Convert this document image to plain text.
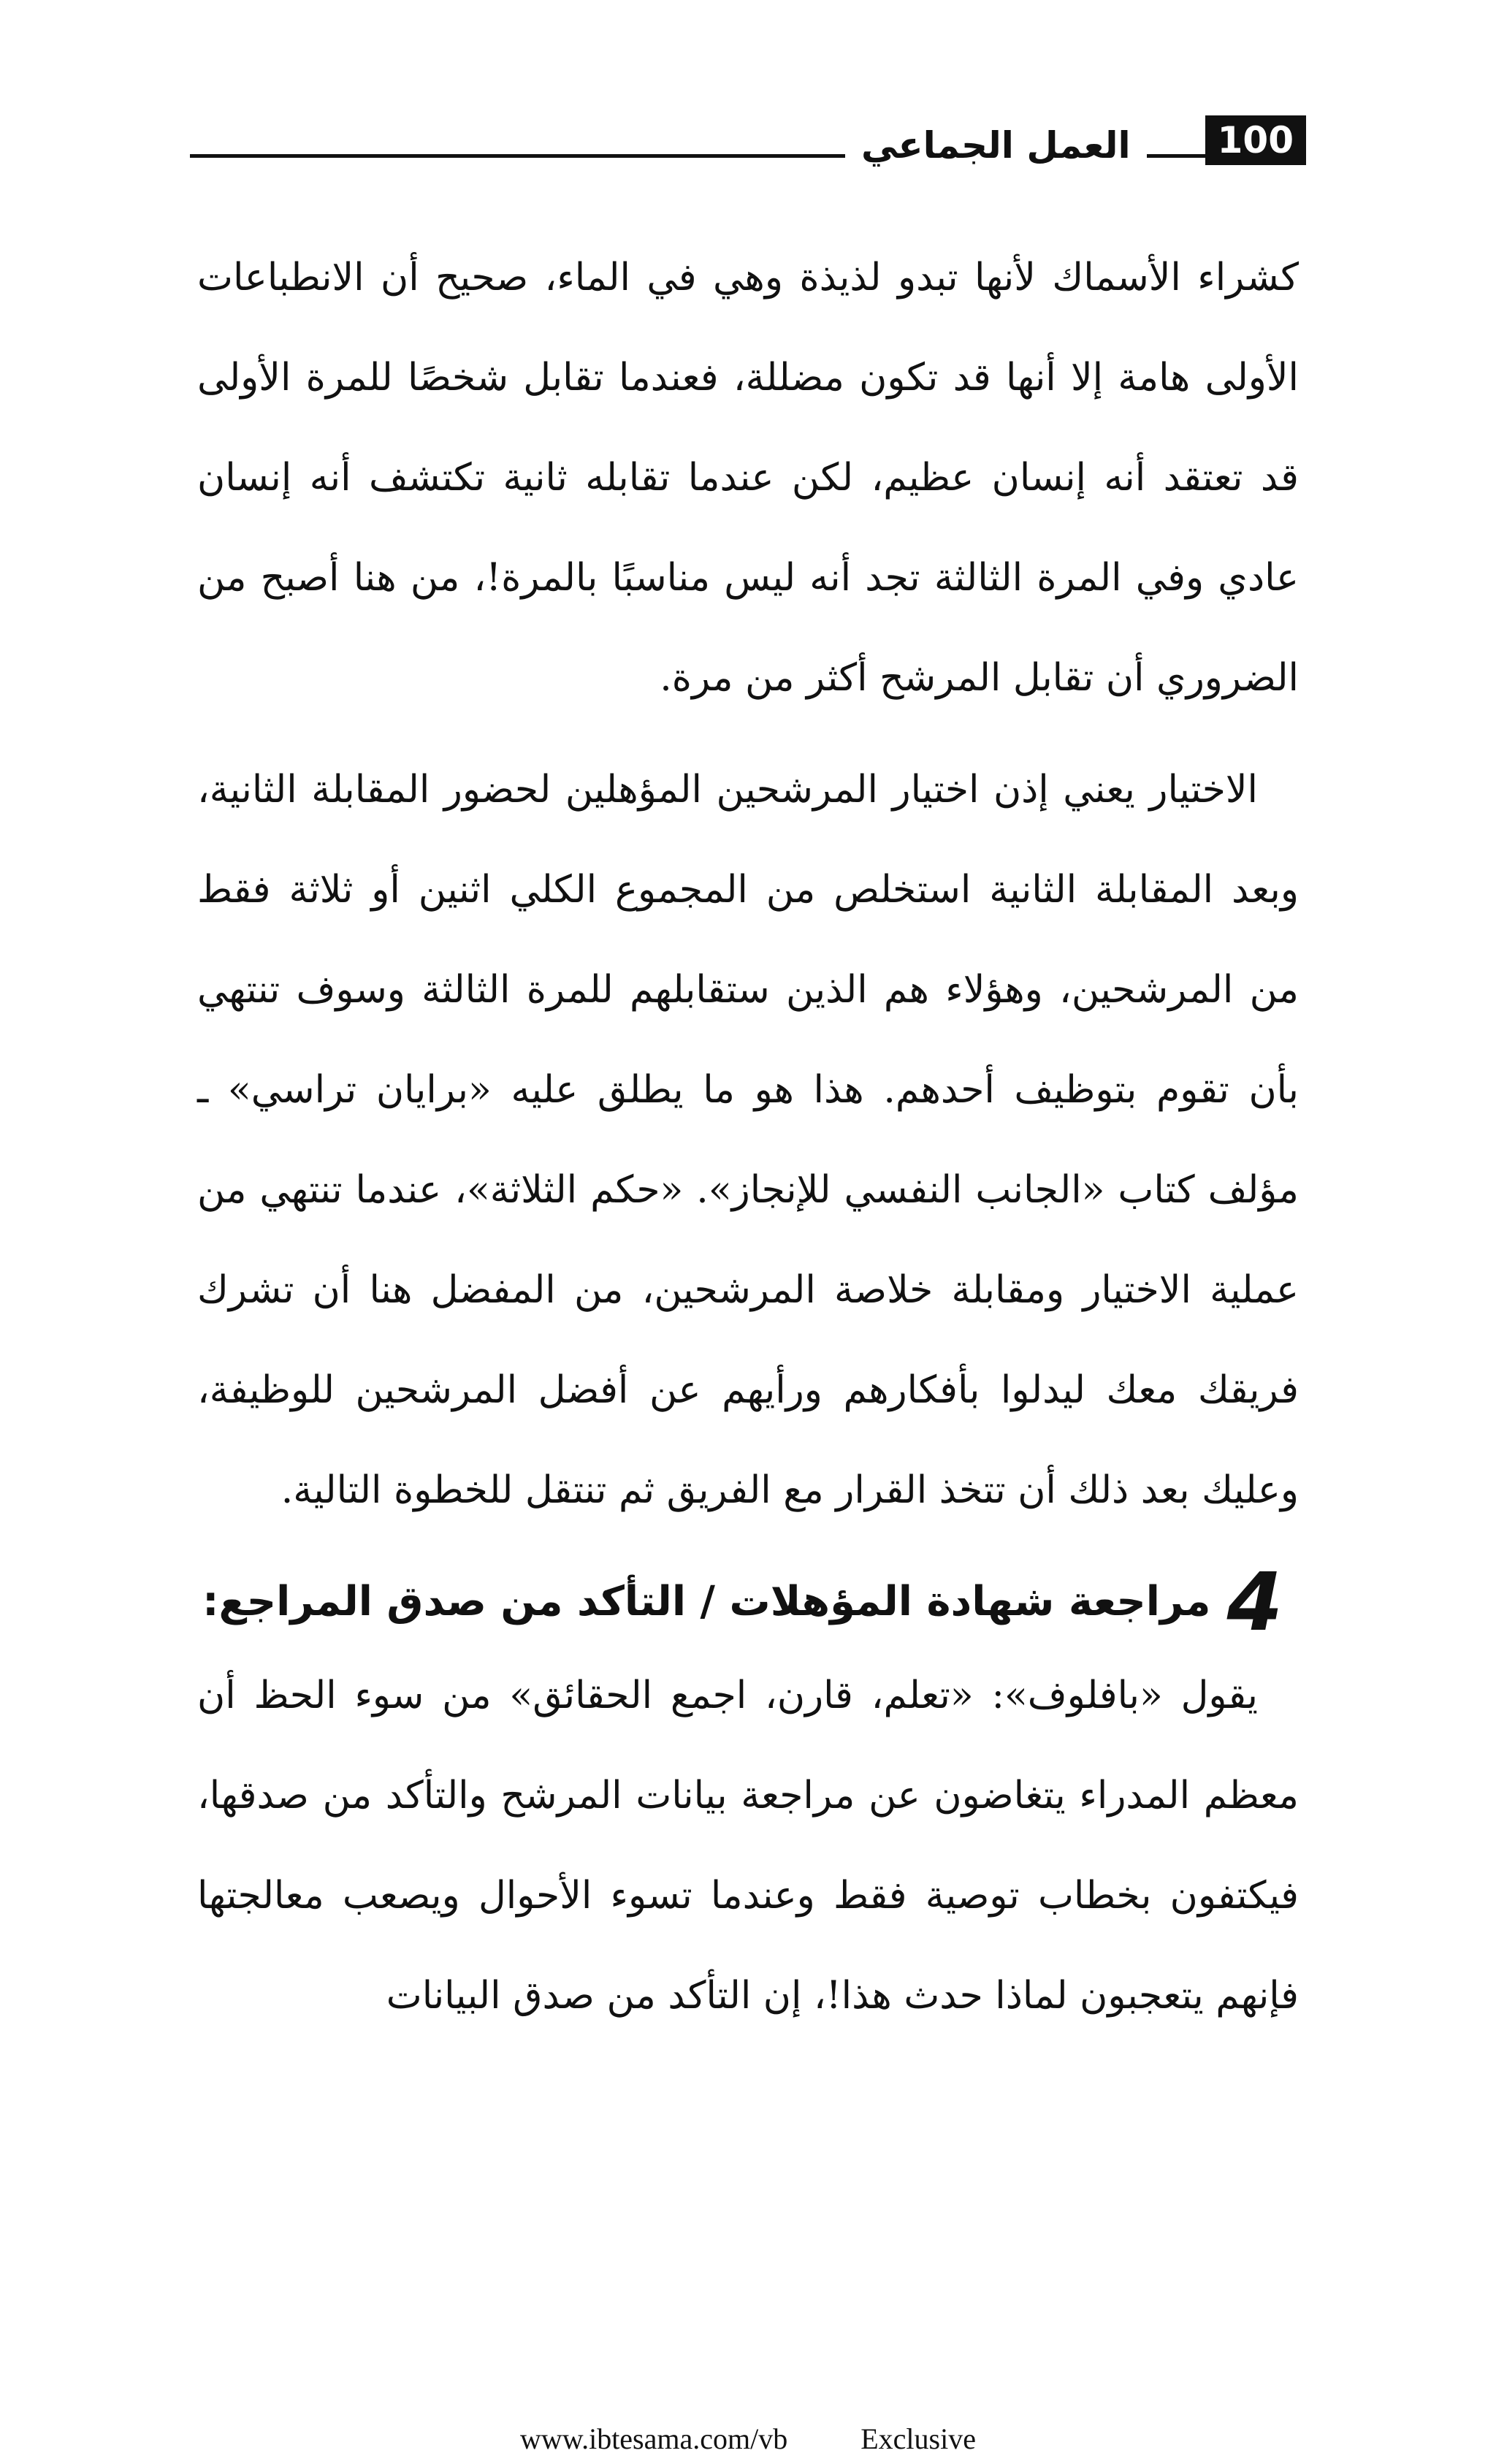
100
العمل الجماعي

كشراء الأسماك لأنها تبدو لذيذة وهي في الماء، صحيح أن الانطباعات الأولى هامة إلا أنها قد تكون مضللة، فعندما تقابل شخصًا للمرة الأولى قد تعتقد أنه إنسان عظيم، لكن عندما تقابله ثانية تكتشف أنه إنسان عادي وفي المرة الثالثة تجد أنه ليس مناسبًا بالمرة!، من هنا أصبح من الضروري أن تقابل المرشح أكثر من مرة.

الاختيار يعني إذن اختيار المرشحين المؤهلين لحضور المقابلة الثانية، وبعد المقابلة الثانية استخلص من المجموع الكلي اثنين أو ثلاثة فقط من المرشحين، وهؤلاء هم الذين ستقابلهم للمرة الثالثة وسوف تنتهي بأن تقوم بتوظيف أحدهم. هذا هو ما يطلق عليه «برايان تراسي» ـ مؤلف كتاب «الجانب النفسي للإنجاز». «حكم الثلاثة»، عندما تنتهي من عملية الاختيار ومقابلة خلاصة المرشحين، من المفضل هنا أن تشرك فريقك معك ليدلوا بأفكارهم ورأيهم عن أفضل المرشحين للوظيفة، وعليك بعد ذلك أن تتخذ القرار مع الفريق ثم تنتقل للخطوة التالية.

4
مراجعة شهادة المؤهلات / التأكد من صدق المراجع:

يقول «بافلوف»: «تعلم، قارن، اجمع الحقائق» من سوء الحظ أن معظم المدراء يتغاضون عن مراجعة بيانات المرشح والتأكد من صدقها، فيكتفون بخطاب توصية فقط وعندما تسوء الأحوال ويصعب معالجتها فإنهم يتعجبون لماذا حدث هذا!، إن التأكد من صدق البيانات

www.ibtesama.com/vb	Exclusive
